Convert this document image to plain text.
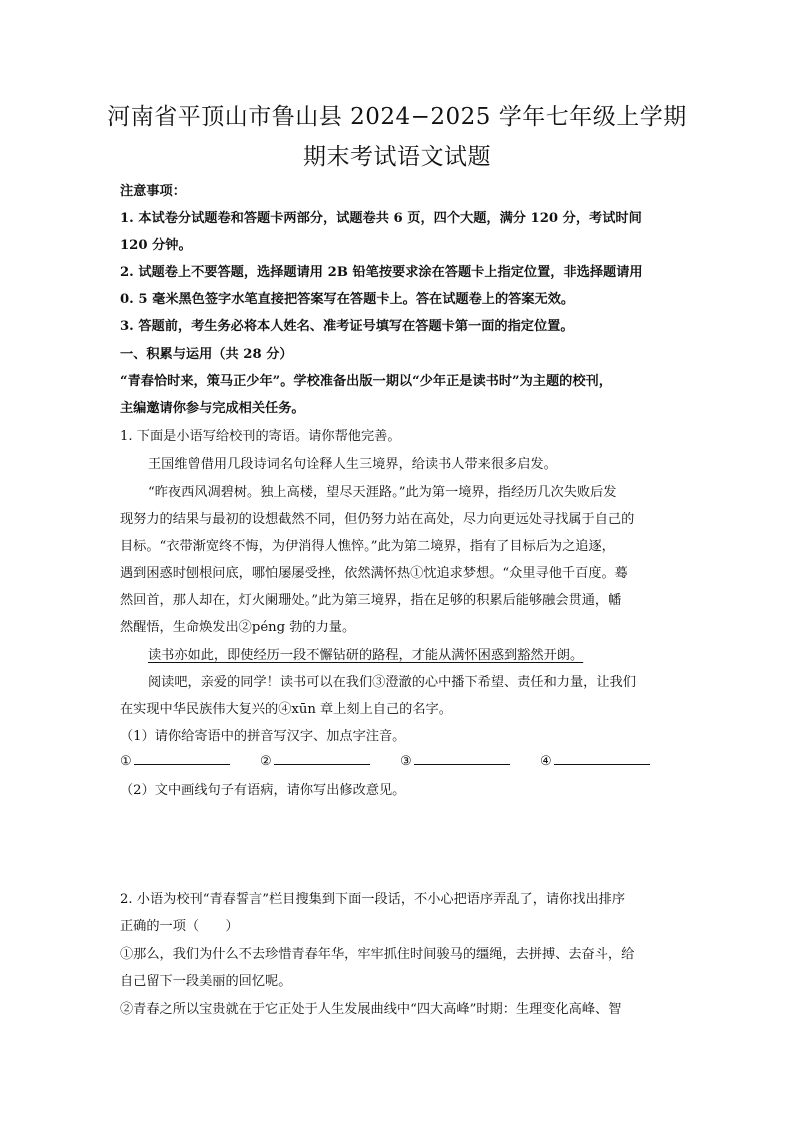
河南省平顶山市鲁山县 2024−2025 学年七年级上学期
期末考试语文试题
注意事项：
1. 本试卷分试题卷和答题卡两部分，试题卷共 6 页，四个大题，满分 120 分，考试时间
120 分钟。
2. 试题卷上不要答题，选择题请用 2B 铅笔按要求涂在答题卡上指定位置，非选择题请用
0. 5 毫米黑色签字水笔直接把答案写在答题卡上。答在试题卷上的答案无效。
3. 答题前，考生务必将本人姓名、准考证号填写在答题卡第一面的指定位置。
一、积累与运用（共 28 分）
“青春恰时来，策马正少年”。学校准备出版一期以“少年正是读书时”为主题的校刊，
主编邀请你参与完成相关任务。
1. 下面是小语写给校刊的寄语。请你帮他完善。
王国维曾借用几段诗词名句诠释人生三境界，给读书人带来很多启发。
“昨夜西风凋碧树。独上高楼，望尽天涯路。”此为第一境界，指经历几次失败后发
现努力的结果与最初的设想截然不同，但仍努力站在高处，尽力向更远处寻找属于自己的
目标。“衣带渐宽终不悔，为伊消得人憔悴。”此为第二境界，指有了目标后为之追逐，
遇到困惑时刨根问底，哪怕屡屡受挫，依然满怀热①忱追求梦想。“众里寻他千百度。蓦
然回首，那人却在，灯火阑珊处。”此为第三境界，指在足够的积累后能够融会贯通，幡
然醒悟，生命焕发出②péng 勃的力量。
读书亦如此，即使经历一段不懈钻研的路程，才能从满怀困惑到豁然开朗。
阅读吧，亲爱的同学！读书可以在我们③澄澈的心中播下希望、责任和力量，让我们
在实现中华民族伟大复兴的④xūn 章上刻上自己的名字。
（1）请你给寄语中的拼音写汉字、加点字注音。
①	②	③	④
（2）文中画线句子有语病，请你写出修改意见。
2. 小语为校刊“青春誓言”栏目搜集到下面一段话，不小心把语序弄乱了，请你找出排序
正确的一项（　　）
①那么，我们为什么不去珍惜青春年华，牢牢抓住时间骏马的缰绳，去拼搏、去奋斗，给
自己留下一段美丽的回忆呢。
②青春之所以宝贵就在于它正处于人生发展曲线中“四大高峰”时期：生理变化高峰、智
